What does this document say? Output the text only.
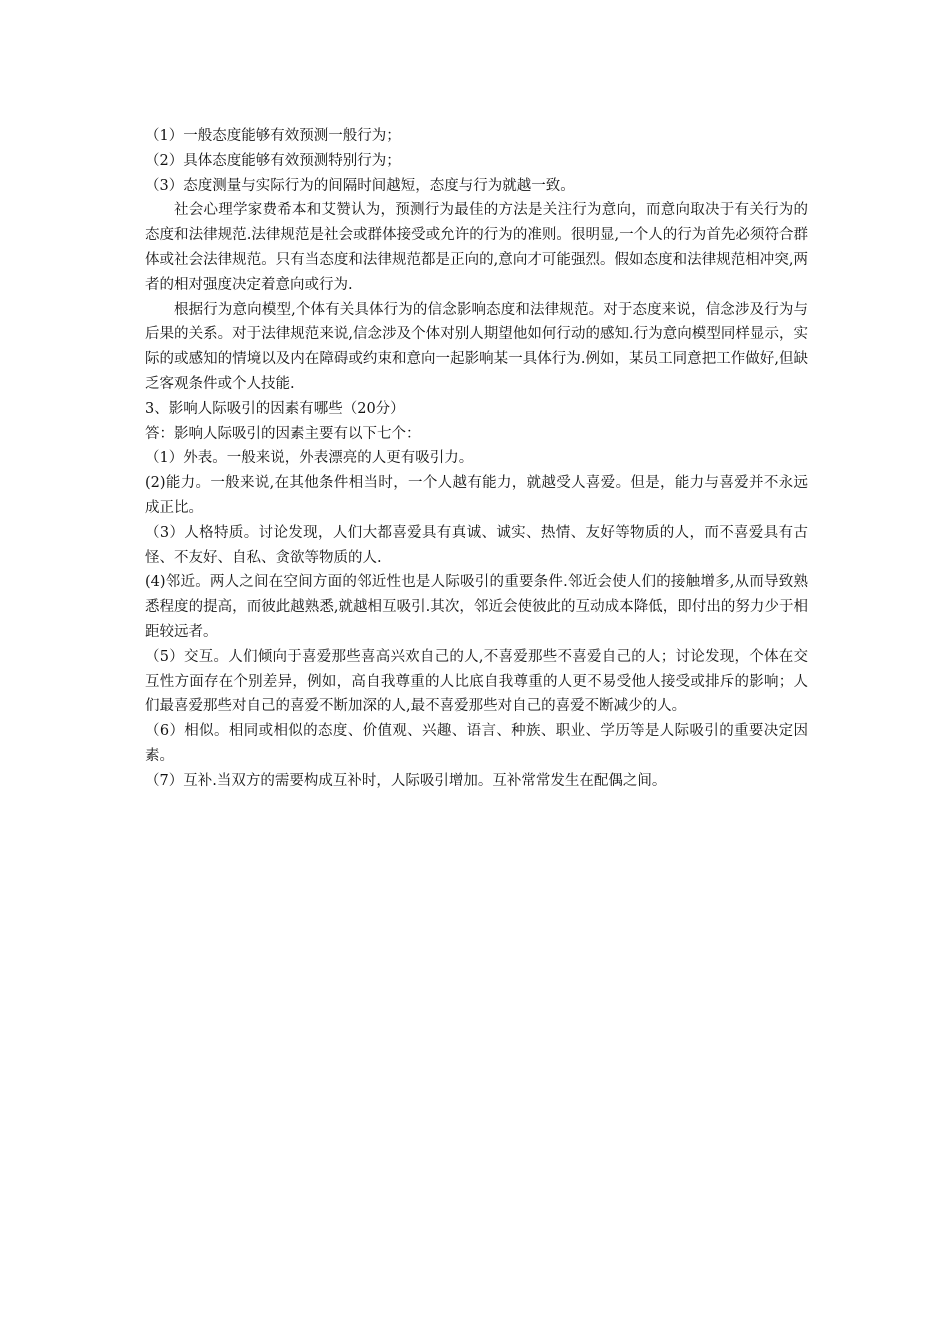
（1）一般态度能够有效预测一般行为；

（2）具体态度能够有效预测特别行为；

（3）态度测量与实际行为的间隔时间越短，态度与行为就越一致。

社会心理学家费希本和艾赞认为，预测行为最佳的方法是关注行为意向，而意向取决于有关行为的态度和法律规范.法律规范是社会或群体接受或允许的行为的准则。很明显,一个人的行为首先必须符合群体或社会法律规范。只有当态度和法律规范都是正向的,意向才可能强烈。假如态度和法律规范相冲突,两者的相对强度决定着意向或行为.

根据行为意向模型,个体有关具体行为的信念影响态度和法律规范。对于态度来说，信念涉及行为与后果的关系。对于法律规范来说,信念涉及个体对别人期望他如何行动的感知.行为意向模型同样显示，实际的或感知的情境以及内在障碍或约束和意向一起影响某一具体行为.例如，某员工同意把工作做好,但缺乏客观条件或个人技能.

3、影响人际吸引的因素有哪些（20分）

答：影响人际吸引的因素主要有以下七个：

（1）外表。一般来说，外表漂亮的人更有吸引力。

(2)能力。一般来说,在其他条件相当时，一个人越有能力，就越受人喜爱。但是，能力与喜爱并不永远成正比。

（3）人格特质。讨论发现，人们大都喜爱具有真诚、诚实、热情、友好等物质的人，而不喜爱具有古怪、不友好、自私、贪欲等物质的人.

(4)邻近。两人之间在空间方面的邻近性也是人际吸引的重要条件.邻近会使人们的接触增多,从而导致熟悉程度的提高，而彼此越熟悉,就越相互吸引.其次，邻近会使彼此的互动成本降低，即付出的努力少于相距较远者。

（5）交互。人们倾向于喜爱那些喜高兴欢自己的人,不喜爱那些不喜爱自己的人；讨论发现，个体在交互性方面存在个别差异，例如，高自我尊重的人比底自我尊重的人更不易受他人接受或排斥的影响；人们最喜爱那些对自己的喜爱不断加深的人,最不喜爱那些对自己的喜爱不断减少的人。

（6）相似。相同或相似的态度、价值观、兴趣、语言、种族、职业、学历等是人际吸引的重要决定因素。

（7）互补.当双方的需要构成互补时，人际吸引增加。互补常常发生在配偶之间。
